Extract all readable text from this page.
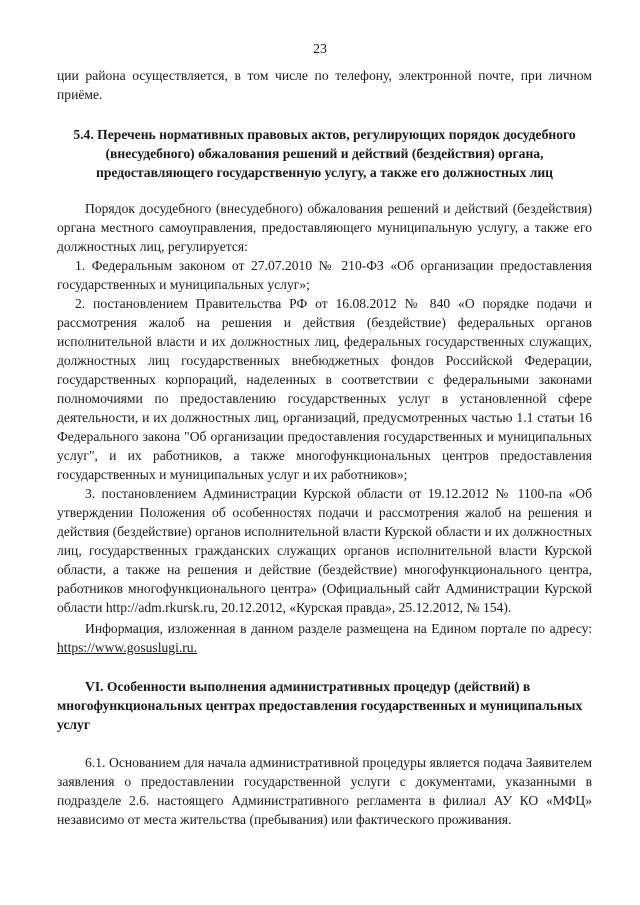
23

ции района осуществляется, в том числе по телефону, электронной почте, при личном приёме.

5.4. Перечень нормативных правовых актов, регулирующих порядок досудебного (внесудебного) обжалования решений и действий (бездействия) органа, предоставляющего государственную услугу, а также его должностных лиц

Порядок досудебного (внесудебного) обжалования решений и действий (бездействия) органа местного самоуправления, предоставляющего муниципальную услугу, а также его должностных лиц, регулируется:

1. Федеральным законом от 27.07.2010 № 210-ФЗ «Об организации предоставления государственных и муниципальных услуг»;

2. постановлением Правительства РФ от 16.08.2012 № 840 «О порядке подачи и рассмотрения жалоб на решения и действия (бездействие) федеральных органов исполнительной власти и их должностных лиц, федеральных государственных служащих, должностных лиц государственных внебюджетных фондов Российской Федерации, государственных корпораций, наделенных в соответствии с федеральными законами полномочиями по предоставлению государственных услуг в установленной сфере деятельности, и их должностных лиц, организаций, предусмотренных частью 1.1 статьи 16 Федерального закона "Об организации предоставления государственных и муниципальных услуг", и их работников, а также многофункциональных центров предоставления государственных и муниципальных услуг и их работников»;

3. постановлением Администрации Курской области от 19.12.2012 № 1100-па «Об утверждении Положения об особенностях подачи и рассмотрения жалоб на решения и действия (бездействие) органов исполнительной власти Курской области и их должностных лиц, государственных гражданских служащих органов исполнительной власти Курской области, а также на решения и действие (бездействие) многофункционального центра, работников многофункционального центра» (Официальный сайт Администрации Курской области http://adm.rkursk.ru, 20.12.2012, «Курская правда», 25.12.2012, № 154).

Информация, изложенная в данном разделе размещена на Едином портале по адресу: https://www.gosuslugi.ru.

VI. Особенности выполнения административных процедур (действий) в многофункциональных центрах предоставления государственных и муниципальных услуг

6.1. Основанием для начала административной процедуры является подача Заявителем заявления о предоставлении государственной услуги с документами, указанными в подразделе 2.6. настоящего Административного регламента в филиал АУ КО «МФЦ» независимо от места жительства (пребывания) или фактического проживания.
